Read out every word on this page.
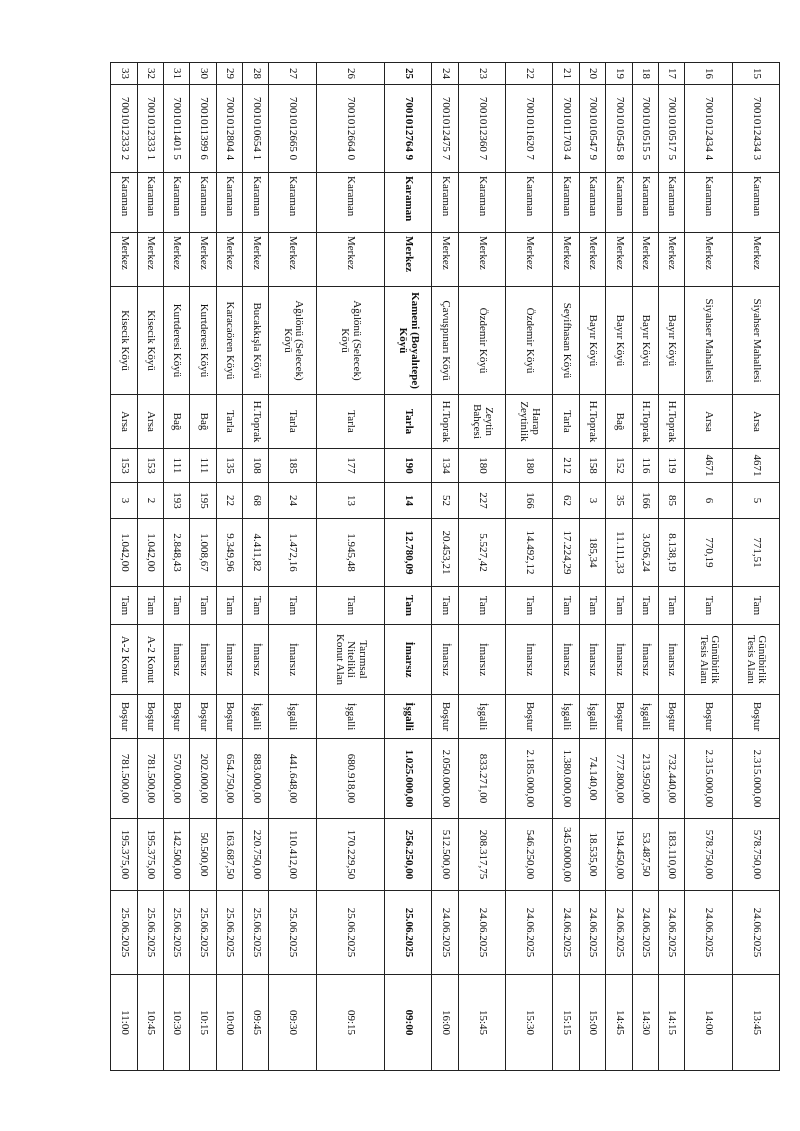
15	7001012434 3	Karaman	Merkez	Siyahser Mahallesi	Arsa	4671	5	771,51	Tam	Günübirlik Tesis Alanı	Boştur	2.315.000,00	578.750,00	24.06.2025	13:45
16	7001012434 4	Karaman	Merkez	Siyahser Mahallesi	Arsa	4671	6	770,19	Tam	Günübirlik Tesis Alanı	Boştur	2.315.000,00	578.750,00	24.06.2025	14:00
17	7001010517 5	Karaman	Merkez	Bayır Köyü	H.Toprak	119	85	8.138,19	Tam	İmarsız	Boştur	732.440,00	183.110,00	24.06.2025	14:15
18	7001010515 5	Karaman	Merkez	Bayır Köyü	H.Toprak	116	166	3.056,24	Tam	İmarsız	İşgalli	213.950,00	53.487,50	24.06.2025	14:30
19	7001010545 8	Karaman	Merkez	Bayır Köyü	Bağ	152	35	11.111,33	Tam	İmarsız	Boştur	777.800,00	194.450,00	24.06.2025	14:45
20	7001010547 9	Karaman	Merkez	Bayır Köyü	H.Toprak	158	3	185,34	Tam	İmarsız	İşgalli	74.140,00	18.535,00	24.06.2025	15:00
21	7001011703 4	Karaman	Merkez	Seyifhasan Köyü	Tarla	212	62	17.224,29	Tam	İmarsız	İşgalli	1.380.000,00	345.0000,00	24.06.2025	15:15
22	7001011620 7	Karaman	Merkez	Özdemir Köyü	Harap Zeytinlik	180	166	14.492,12	Tam	İmarsız	Boştur	2.185.000,00	546.250,00	24.06.2025	15:30
23	7001012360 7	Karaman	Merkez	Özdemir Köyü	Zeytin Bahçesi	180	227	5.527,42	Tam	İmarsız	İşgalli	833.271,00	208.317,75	24.06.2025	15:45
24	7001012475 7	Karaman	Merkez	Çavuşpınarı Köyü	H.Toprak	134	52	20.453,21	Tam	İmarsız	Boştur	2.050.000,00	512.500,00	24.06.2025	16:00
25	7001012764 9	Karaman	Merkez	Kameni (Boyalıtepe) Köyü	Tarla	190	14	12.780,09	Tam	İmarsız	İşgalli	1.025.000,00	256.250,00	25.06.2025	09:00
26	7001012664 0	Karaman	Merkez	Ağılönü (Selecek) Köyü	Tarla	177	13	1.945,48	Tam	Tarımsal Nitelikli Konut Alan	İşgalli	680.918,00	170.229,50	25.06.2025	09:15
27	7001012665 0	Karaman	Merkez	Ağılönü (Selecek) Köyü	Tarla	185	24	1.472,16	Tam	İmarsız	İşgalli	441.648,00	110.412,00	25.06.2025	09:30
28	7001010654 1	Karaman	Merkez	Bucakkışla Köyü	H.Toprak	108	68	4.411,82	Tam	İmarsız	İşgalli	883.000,00	220.750,00	25.06.2025	09:45
29	7001012804 4	Karaman	Merkez	Karacaören Köyü	Tarla	135	22	9.349,96	Tam	İmarsız	Boştur	654.750,00	163.687,50	25.06.2025	10:00
30	7001011399 6	Karaman	Merkez	Kurtderesi Köyü	Bağ	111	195	1.008,67	Tam	İmarsız	Boştur	202.000,00	50.500,00	25.06.2025	10:15
31	7001011401 5	Karaman	Merkez	Kurtderesi Köyü	Bağ	111	193	2.848,43	Tam	İmarsız	Boştur	570.000,00	142.500,00	25.06.2025	10:30
32	7001012333 1	Karaman	Merkez	Kisecik Köyü	Arsa	153	2	1.042,00	Tam	A-2 Konut	Boştur	781.500,00	195.375,00	25.06.2025	10:45
33	7001012333 2	Karaman	Merkez	Kisecik Köyü	Arsa	153	3	1.042,00	Tam	A-2 Konut	Boştur	781.500,00	195.375,00	25.06.2025	11:00
